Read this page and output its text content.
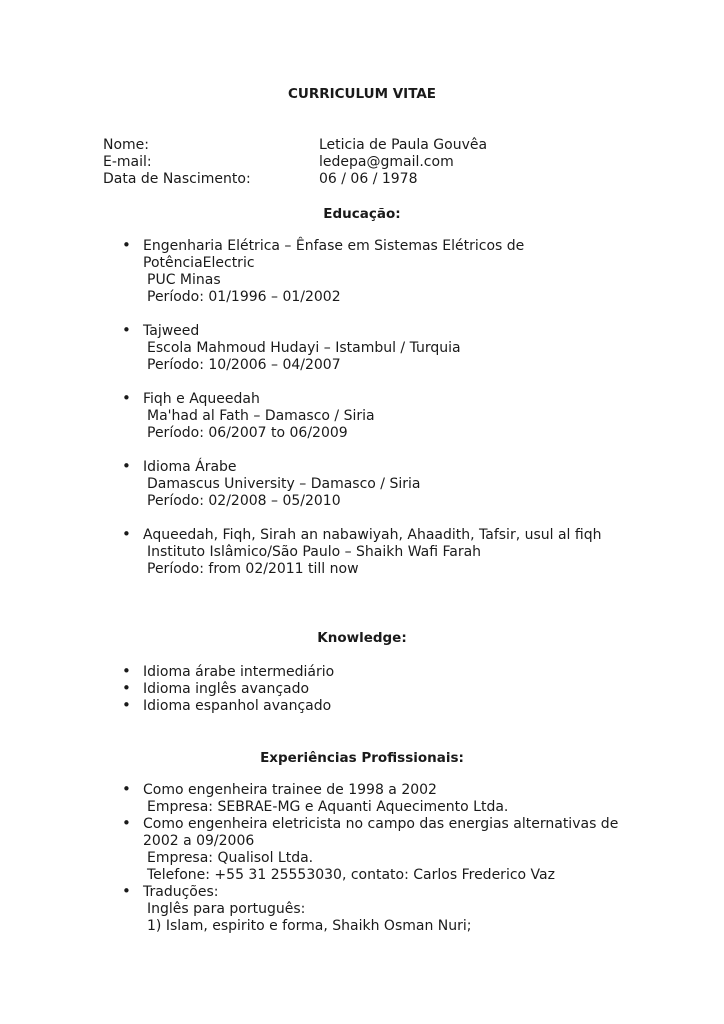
CURRICULUM VITAE
Nome:	Leticia de Paula Gouvêa
E-mail:	ledepa@gmail.com
Data de Nascimento:	06 / 06 / 1978
Educação:
• Engenharia Elétrica – Ênfase em Sistemas Elétricos de
PotênciaElectric
PUC Minas
Período: 01/1996 – 01/2002
• Tajweed
Escola Mahmoud Hudayi – Istambul / Turquia
Período: 10/2006 – 04/2007
• Fiqh e Aqueedah
Ma'had al Fath – Damasco / Siria
Período: 06/2007 to 06/2009
• Idioma Árabe
Damascus University – Damasco / Siria
Período: 02/2008 – 05/2010
• Aqueedah, Fiqh, Sirah an nabawiyah, Ahaadith, Tafsir, usul al fiqh
Instituto Islâmico/São Paulo – Shaikh Wafi Farah
Período: from 02/2011 till now
Knowledge:
• Idioma árabe intermediário
• Idioma inglês avançado
• Idioma espanhol avançado
Experiências Profissionais:
• Como engenheira trainee de 1998 a 2002
Empresa: SEBRAE-MG e Aquanti Aquecimento Ltda.
• Como engenheira eletricista no campo das energias alternativas de
2002 a 09/2006
Empresa: Qualisol Ltda.
Telefone: +55 31 25553030, contato: Carlos Frederico Vaz
• Traduções:
Inglês para português:
1) Islam, espirito e forma, Shaikh Osman Nuri;
